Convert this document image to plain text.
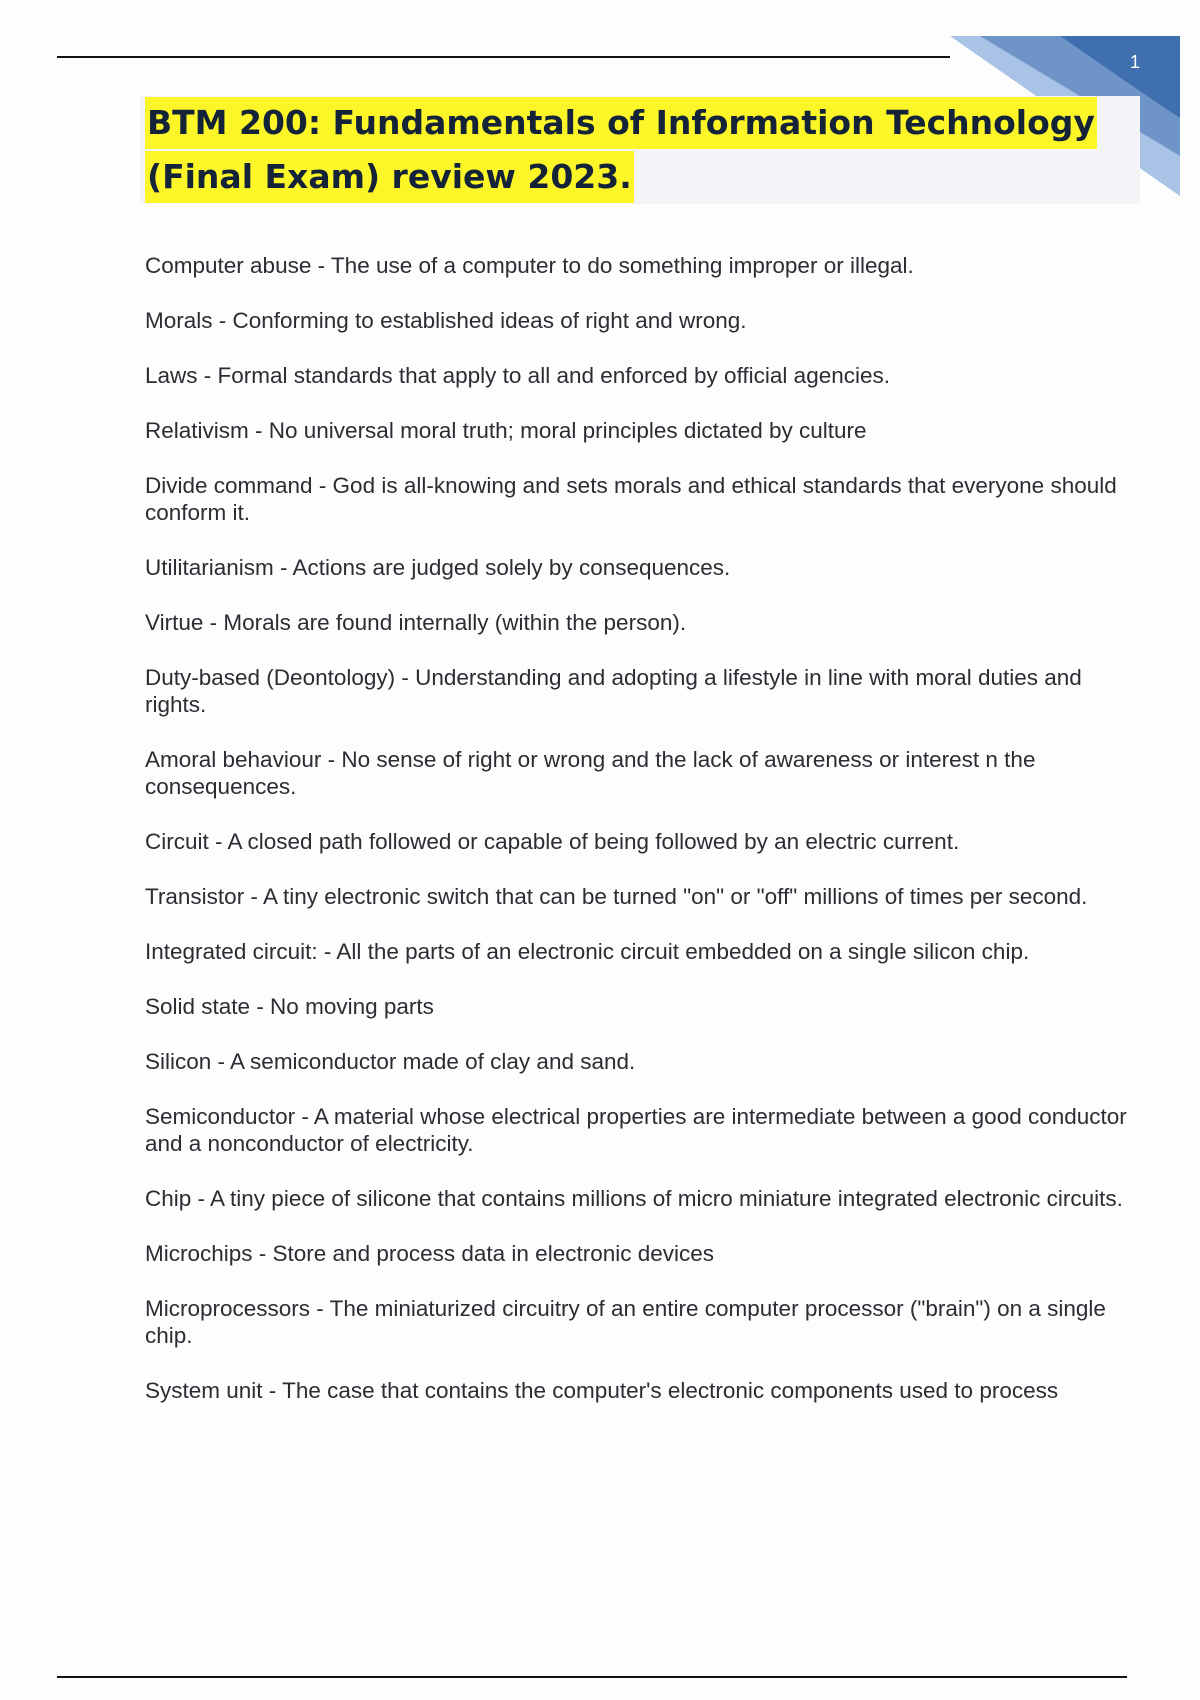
1
BTM 200: Fundamentals of Information Technology
(Final Exam) review 2023.
Computer abuse - The use of a computer to do something improper or illegal.
Morals - Conforming to established ideas of right and wrong.
Laws - Formal standards that apply to all and enforced by official agencies.
Relativism - No universal moral truth; moral principles dictated by culture
Divide command - God is all-knowing and sets morals and ethical standards that everyone should conform it.
Utilitarianism - Actions are judged solely by consequences.
Virtue - Morals are found internally (within the person).
Duty-based (Deontology) - Understanding and adopting a lifestyle in line with moral duties and rights.
Amoral behaviour - No sense of right or wrong and the lack of awareness or interest n the consequences.
Circuit - A closed path followed or capable of being followed by an electric current.
Transistor - A tiny electronic switch that can be turned "on" or "off" millions of times per second.
Integrated circuit: - All the parts of an electronic circuit embedded on a single silicon chip.
Solid state - No moving parts
Silicon - A semiconductor made of clay and sand.
Semiconductor - A material whose electrical properties are intermediate between a good conductor and a nonconductor of electricity.
Chip - A tiny piece of silicone that contains millions of micro miniature integrated electronic circuits.
Microchips - Store and process data in electronic devices
Microprocessors - The miniaturized circuitry of an entire computer processor ("brain") on a single chip.
System unit - The case that contains the computer's electronic components used to process
